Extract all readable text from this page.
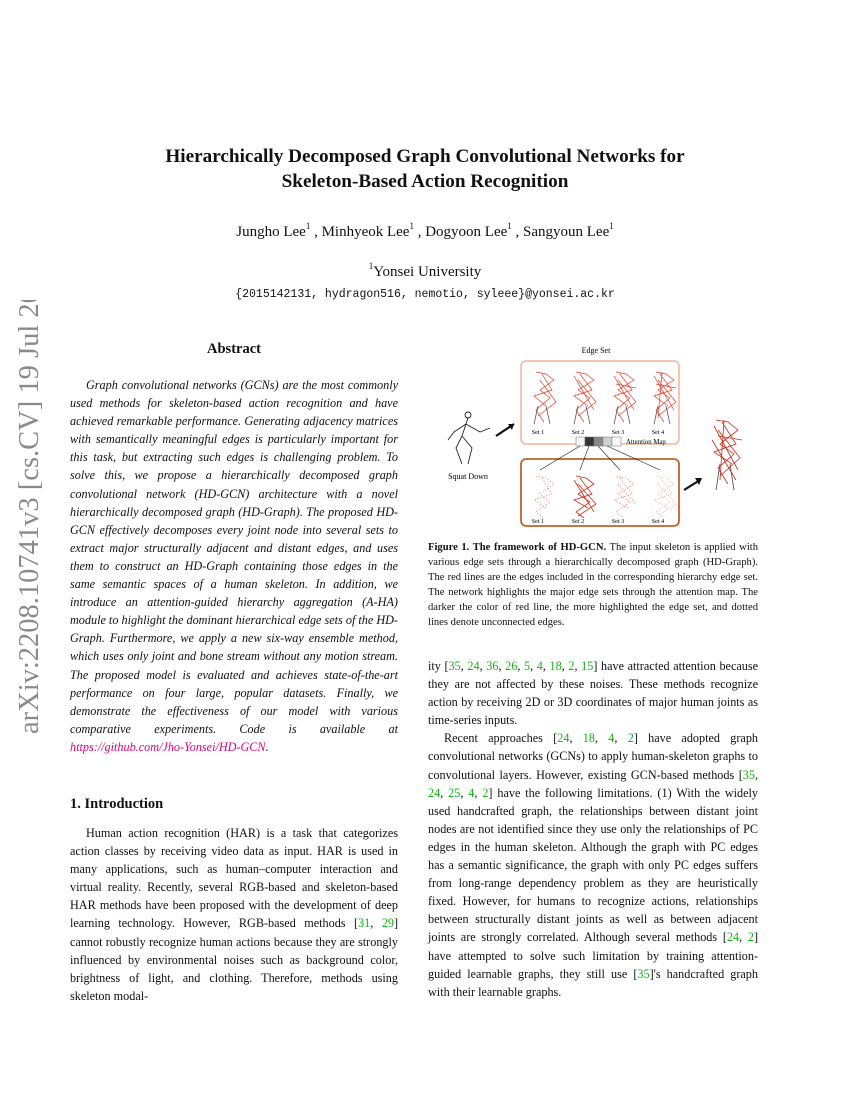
arXiv:2208.10741v3 [cs.CV] 19 Jul 2023
Hierarchically Decomposed Graph Convolutional Networks for
Skeleton-Based Action Recognition
Jungho Lee$^1$ , Minhyeok Lee$^1$ , Dogyoon Lee$^1$ , Sangyoun Lee$^1$
$^1$Yonsei University
{2015142131, hydragon516, nemotio, syleee}@yonsei.ac.kr
Abstract
Graph convolutional networks (GCNs) are the most commonly used methods for skeleton-based action recognition and have achieved remarkable performance. Generating adjacency matrices with semantically meaningful edges is particularly important for this task, but extracting such edges is challenging problem. To solve this, we propose a hierarchically decomposed graph convolutional network (HD-GCN) architecture with a novel hierarchically decomposed graph (HD-Graph). The proposed HD-GCN effectively decomposes every joint node into several sets to extract major structurally adjacent and distant edges, and uses them to construct an HD-Graph containing those edges in the same semantic spaces of a human skeleton. In addition, we introduce an attention-guided hierarchy aggregation (A-HA) module to highlight the dominant hierarchical edge sets of the HD-Graph. Furthermore, we apply a new six-way ensemble method, which uses only joint and bone stream without any motion stream. The proposed model is evaluated and achieves state-of-the-art performance on four large, popular datasets. Finally, we demonstrate the effectiveness of our model with various comparative experiments. Code is available at https://github.com/Jho-Yonsei/HD-GCN.
1. Introduction
Human action recognition (HAR) is a task that categorizes action classes by receiving video data as input. HAR is used in many applications, such as human–computer interaction and virtual reality. Recently, several RGB-based and skeleton-based HAR methods have been proposed with the development of deep learning technology. However, RGB-based methods [31, 29] cannot robustly recognize human actions because they are strongly influenced by environmental noises such as background color, brightness of light, and clothing. Therefore, methods using skeleton modal-
Edge Set
Squat Down
Set 1	Set 2	Set 3	Set 4
Attention Map
Set 1	Set 2	Set 3	Set 4
Figure 1. The framework of HD-GCN. The input skeleton is applied with various edge sets through a hierarchically decomposed graph (HD-Graph). The red lines are the edges included in the corresponding hierarchy edge set. The network highlights the major edge sets through the attention map. The darker the color of red line, the more highlighted the edge set, and dotted lines denote unconnected edges.

ity [35, 24, 36, 26, 5, 4, 18, 2, 15] have attracted attention because they are not affected by these noises. These methods recognize action by receiving 2D or 3D coordinates of major human joints as time-series inputs.

Recent approaches [24, 18, 4, 2] have adopted graph convolutional networks (GCNs) to apply human-skeleton graphs to convolutional layers. However, existing GCN-based methods [35, 24, 25, 4, 2] have the following limitations. (1) With the widely used handcrafted graph, the relationships between distant joint nodes are not identified since they use only the relationships of PC edges in the human skeleton. Although the graph with PC edges has a semantic significance, the graph with only PC edges suffers from long-range dependency problem as they are heuristically fixed. However, for humans to recognize actions, relationships between structurally distant joints as well as between adjacent joints are strongly correlated. Although several methods [24, 2] have attempted to solve such limitation by training attention-guided learnable graphs, they still use [35]'s handcrafted graph with their learnable graphs.
